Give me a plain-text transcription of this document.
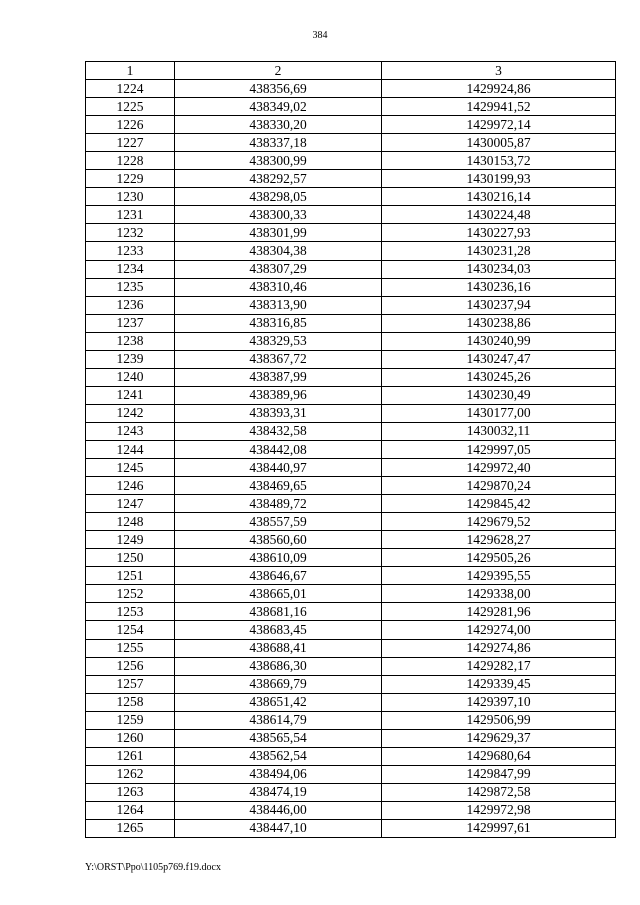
384
1	2	3
1224	438356,69	1429924,86
1225	438349,02	1429941,52
1226	438330,20	1429972,14
1227	438337,18	1430005,87
1228	438300,99	1430153,72
1229	438292,57	1430199,93
1230	438298,05	1430216,14
1231	438300,33	1430224,48
1232	438301,99	1430227,93
1233	438304,38	1430231,28
1234	438307,29	1430234,03
1235	438310,46	1430236,16
1236	438313,90	1430237,94
1237	438316,85	1430238,86
1238	438329,53	1430240,99
1239	438367,72	1430247,47
1240	438387,99	1430245,26
1241	438389,96	1430230,49
1242	438393,31	1430177,00
1243	438432,58	1430032,11
1244	438442,08	1429997,05
1245	438440,97	1429972,40
1246	438469,65	1429870,24
1247	438489,72	1429845,42
1248	438557,59	1429679,52
1249	438560,60	1429628,27
1250	438610,09	1429505,26
1251	438646,67	1429395,55
1252	438665,01	1429338,00
1253	438681,16	1429281,96
1254	438683,45	1429274,00
1255	438688,41	1429274,86
1256	438686,30	1429282,17
1257	438669,79	1429339,45
1258	438651,42	1429397,10
1259	438614,79	1429506,99
1260	438565,54	1429629,37
1261	438562,54	1429680,64
1262	438494,06	1429847,99
1263	438474,19	1429872,58
1264	438446,00	1429972,98
1265	438447,10	1429997,61
Y:\ORST\Ppo\1105p769.f19.docx
